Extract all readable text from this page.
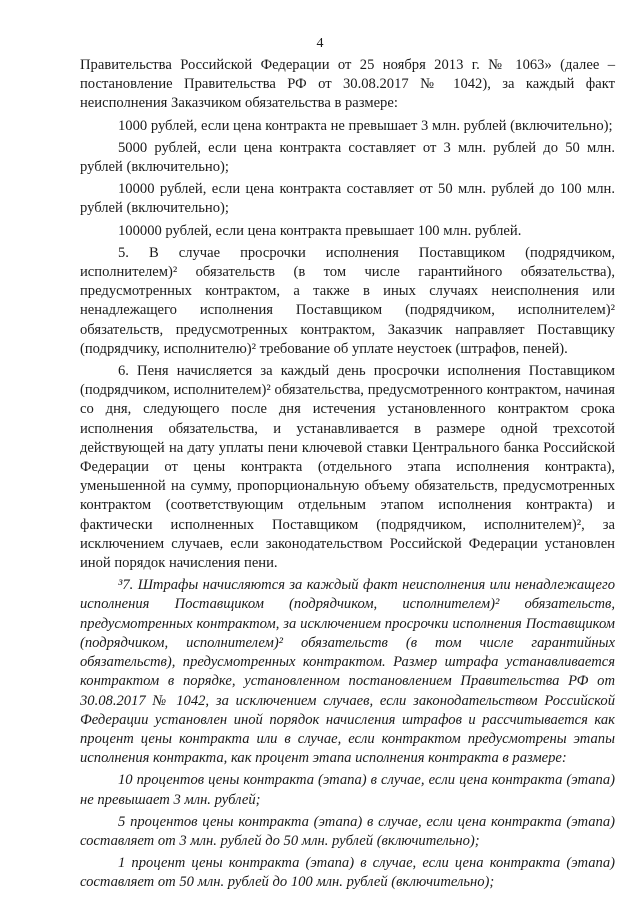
4

Правительства Российской Федерации от 25 ноября 2013 г. № 1063» (далее – постановление Правительства РФ от 30.08.2017 № 1042), за каждый факт неисполнения Заказчиком обязательства в размере:

1000 рублей, если цена контракта не превышает 3 млн. рублей (включительно);

5000 рублей, если цена контракта составляет от 3 млн. рублей до 50 млн. рублей (включительно);

10000 рублей, если цена контракта составляет от 50 млн. рублей до 100 млн. рублей (включительно);

100000 рублей, если цена контракта превышает 100 млн. рублей.

5. В случае просрочки исполнения Поставщиком (подрядчиком, исполнителем)² обязательств (в том числе гарантийного обязательства), предусмотренных контрактом, а также в иных случаях неисполнения или ненадлежащего исполнения Поставщиком (подрядчиком, исполнителем)² обязательств, предусмотренных контрактом, Заказчик направляет Поставщику (подрядчику, исполнителю)² требование об уплате неустоек (штрафов, пеней).

6. Пеня начисляется за каждый день просрочки исполнения Поставщиком (подрядчиком, исполнителем)² обязательства, предусмотренного контрактом, начиная со дня, следующего после дня истечения установленного контрактом срока исполнения обязательства, и устанавливается в размере одной трехсотой действующей на дату уплаты пени ключевой ставки Центрального банка Российской Федерации от цены контракта (отдельного этапа исполнения контракта), уменьшенной на сумму, пропорциональную объему обязательств, предусмотренных контрактом (соответствующим отдельным этапом исполнения контракта) и фактически исполненных Поставщиком (подрядчиком, исполнителем)², за исключением случаев, если законодательством Российской Федерации установлен иной порядок начисления пени.

³7. Штрафы начисляются за каждый факт неисполнения или ненадлежащего исполнения Поставщиком (подрядчиком, исполнителем)² обязательств, предусмотренных контрактом, за исключением просрочки исполнения Поставщиком (подрядчиком, исполнителем)² обязательств (в том числе гарантийных обязательств), предусмотренных контрактом. Размер штрафа устанавливается контрактом в порядке, установленном постановлением Правительства РФ от 30.08.2017 № 1042, за исключением случаев, если законодательством Российской Федерации установлен иной порядок начисления штрафов и рассчитывается как процент цены контракта или в случае, если контрактом предусмотрены этапы исполнения контракта, как процент этапа исполнения контракта в размере:

10 процентов цены контракта (этапа) в случае, если цена контракта (этапа) не превышает 3 млн. рублей;

5 процентов цены контракта (этапа) в случае, если цена контракта (этапа) составляет от 3 млн. рублей до 50 млн. рублей (включительно);

1 процент цены контракта (этапа) в случае, если цена контракта (этапа) составляет от 50 млн. рублей до 100 млн. рублей (включительно);
